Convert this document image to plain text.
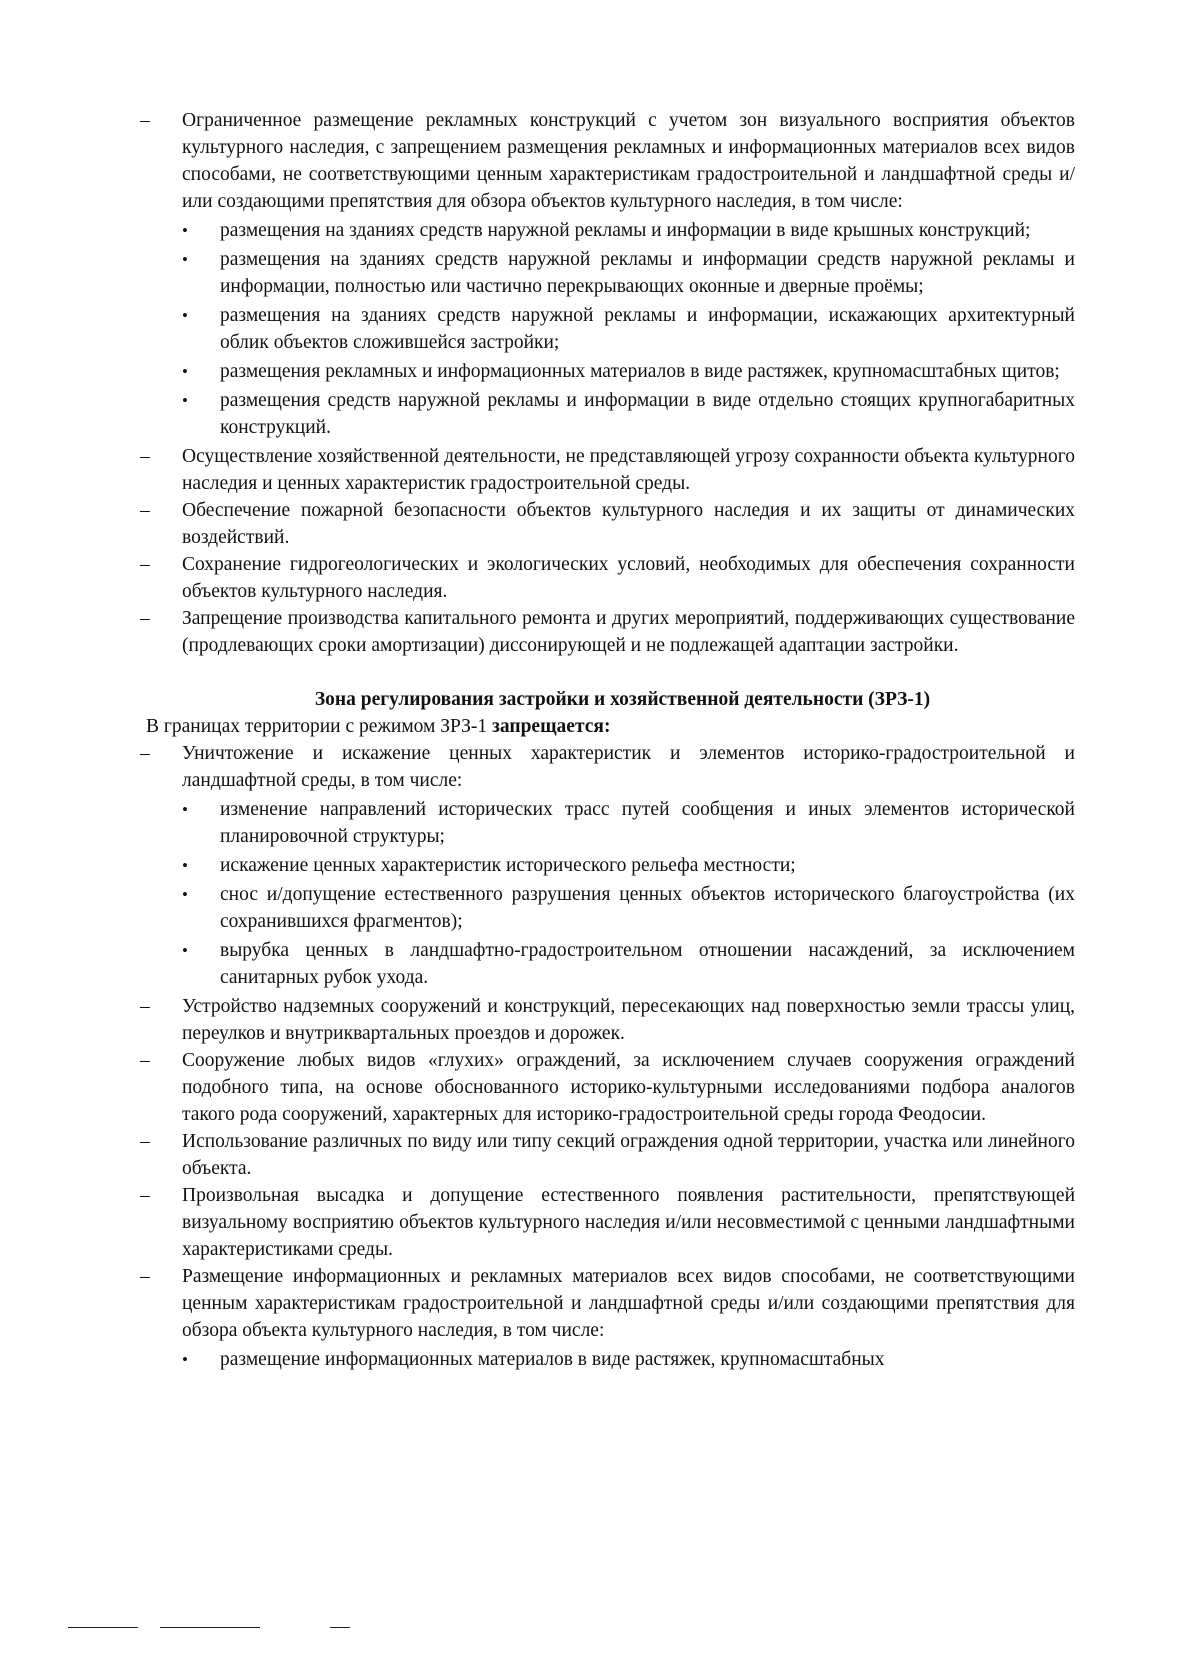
–	Ограниченное размещение рекламных конструкций с учетом зон визуального восприятия объектов культурного наследия, с запрещением размещения рекламных и информационных материалов всех видов способами, не соответствующими ценным характеристикам градостроительной и ландшафтной среды и/или создающими препятствия для обзора объектов культурного наследия, в том числе:
• размещения на зданиях средств наружной рекламы и информации в виде крышных конструкций;
• размещения на зданиях средств наружной рекламы и информации средств наружной рекламы и информации, полностью или частично перекрывающих оконные и дверные проёмы;
• размещения на зданиях средств наружной рекламы и информации, искажающих архитектурный облик объектов сложившейся застройки;
• размещения рекламных и информационных материалов в виде растяжек, крупномасштабных щитов;
• размещения средств наружной рекламы и информации в виде отдельно стоящих крупногабаритных конструкций.
–	Осуществление хозяйственной деятельности, не представляющей угрозу сохранности объекта культурного наследия и ценных характеристик градостроительной среды.
–	Обеспечение пожарной безопасности объектов культурного наследия и их защиты от динамических воздействий.
–	Сохранение гидрогеологических и экологических условий, необходимых для обеспечения сохранности объектов культурного наследия.
–	Запрещение производства капитального ремонта и других мероприятий, поддерживающих существование (продлевающих сроки амортизации) диссонирующей и не подлежащей адаптации застройки.
Зона регулирования застройки и хозяйственной деятельности (ЗРЗ-1)
В границах территории с режимом ЗРЗ-1 запрещается:
–	Уничтожение и искажение ценных характеристик и элементов историко-градостроительной и ландшафтной среды, в том числе:
• изменение направлений исторических трасс путей сообщения и иных элементов исторической планировочной структуры;
• искажение ценных характеристик исторического рельефа местности;
• снос и/допущение естественного разрушения ценных объектов исторического благоустройства (их сохранившихся фрагментов);
• вырубка ценных в ландшафтно-градостроительном отношении насаждений, за исключением санитарных рубок ухода.
–	Устройство надземных сооружений и конструкций, пересекающих над поверхностью земли трассы улиц, переулков и внутриквартальных проездов и дорожек.
–	Сооружение любых видов «глухих» ограждений, за исключением случаев сооружения ограждений подобного типа, на основе обоснованного историко-культурными исследованиями подбора аналогов такого рода сооружений, характерных для историко-градостроительной среды города Феодосии.
–	Использование различных по виду или типу секций ограждения одной территории, участка или линейного объекта.
–	Произвольная высадка и допущение естественного появления растительности, препятствующей визуальному восприятию объектов культурного наследия и/или несовместимой с ценными ландшафтными характеристиками среды.
–	Размещение информационных и рекламных материалов всех видов способами, не соответствующими ценным характеристикам градостроительной и ландшафтной среды и/или создающими препятствия для обзора объекта культурного наследия, в том числе:
• размещение информационных материалов в виде растяжек, крупномасштабных
